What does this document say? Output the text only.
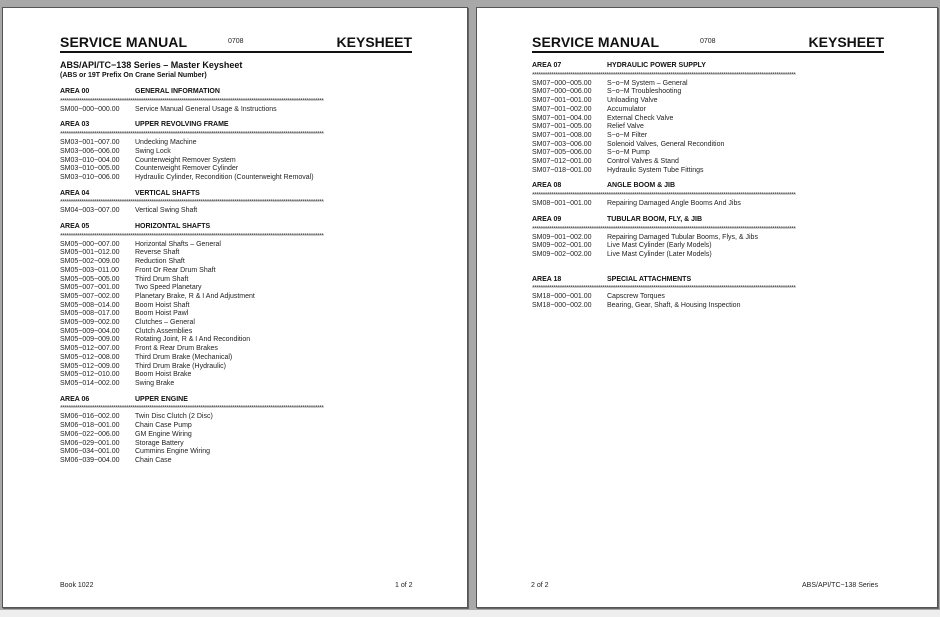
SERVICE MANUAL	0708	KEYSHEET
ABS/API/TC−138 Series – Master Keysheet
(ABS or 19T Prefix On Crane Serial Number)
AREA 00	GENERAL INFORMATION
****************************************************************************************************************************
SM00−000−000.00	Service Manual General Usage & Instructions
AREA 03	UPPER REVOLVING FRAME
****************************************************************************************************************************
SM03−001−007.00	Undecking Machine
SM03−006−006.00	Swing Lock
SM03−010−004.00	Counterweight Remover System
SM03−010−005.00	Counterweight Remover Cylinder
SM03−010−006.00	Hydraulic Cylinder, Recondition (Counterweight Removal)
AREA 04	VERTICAL SHAFTS
****************************************************************************************************************************
SM04−003−007.00	Vertical Swing Shaft
AREA 05	HORIZONTAL SHAFTS
****************************************************************************************************************************
SM05−000−007.00	Horizontal Shafts – General
SM05−001−012.00	Reverse Shaft
SM05−002−009.00	Reduction Shaft
SM05−003−011.00	Front Or Rear Drum Shaft
SM05−005−005.00	Third Drum Shaft
SM05−007−001.00	Two Speed Planetary
SM05−007−002.00	Planetary Brake, R & I And Adjustment
SM05−008−014.00	Boom Hoist Shaft
SM05−008−017.00	Boom Hoist Pawl
SM05−009−002.00	Clutches – General
SM05−009−004.00	Clutch Assemblies
SM05−009−009.00	Rotating Joint, R & I And Recondition
SM05−012−007.00	Front & Rear Drum Brakes
SM05−012−008.00	Third Drum Brake (Mechanical)
SM05−012−009.00	Third Drum Brake (Hydraulic)
SM05−012−010.00	Boom Hoist Brake
SM05−014−002.00	Swing Brake
AREA 06	UPPER ENGINE
****************************************************************************************************************************
SM06−016−002.00	Twin Disc Clutch (2 Disc)
SM06−018−001.00	Chain Case Pump
SM06−022−006.00	GM Engine Wiring
SM06−029−001.00	Storage Battery
SM06−034−001.00	Cummins Engine Wiring
SM06−039−004.00	Chain Case
Book 1022	1 of 2
SERVICE MANUAL	0708	KEYSHEET
AREA 07	HYDRAULIC POWER SUPPLY
****************************************************************************************************************************
SM07−000−005.00	S−o−M System – General
SM07−000−006.00	S−o−M Troubleshooting
SM07−001−001.00	Unloading Valve
SM07−001−002.00	Accumulator
SM07−001−004.00	External Check Valve
SM07−001−005.00	Relief Valve
SM07−001−008.00	S−o−M Filter
SM07−003−006.00	Solenoid Valves, General Recondition
SM07−005−006.00	S−o−M Pump
SM07−012−001.00	Control Valves & Stand
SM07−018−001.00	Hydraulic System Tube Fittings
AREA 08	ANGLE BOOM & JIB
****************************************************************************************************************************
SM08−001−001.00	Repairing Damaged Angle Booms And Jibs
AREA 09	TUBULAR BOOM, FLY, & JIB
****************************************************************************************************************************
SM09−001−002.00	Repairing Damaged Tubular Booms, Flys, & Jibs
SM09−002−001.00	Live Mast Cylinder (Early Models)
SM09−002−002.00	Live Mast Cylinder (Later Models)
AREA 18	SPECIAL ATTACHMENTS
****************************************************************************************************************************
SM18−000−001.00	Capscrew Torques
SM18−000−002.00	Bearing, Gear, Shaft, & Housing Inspection
2 of 2	ABS/API/TC−138 Series
